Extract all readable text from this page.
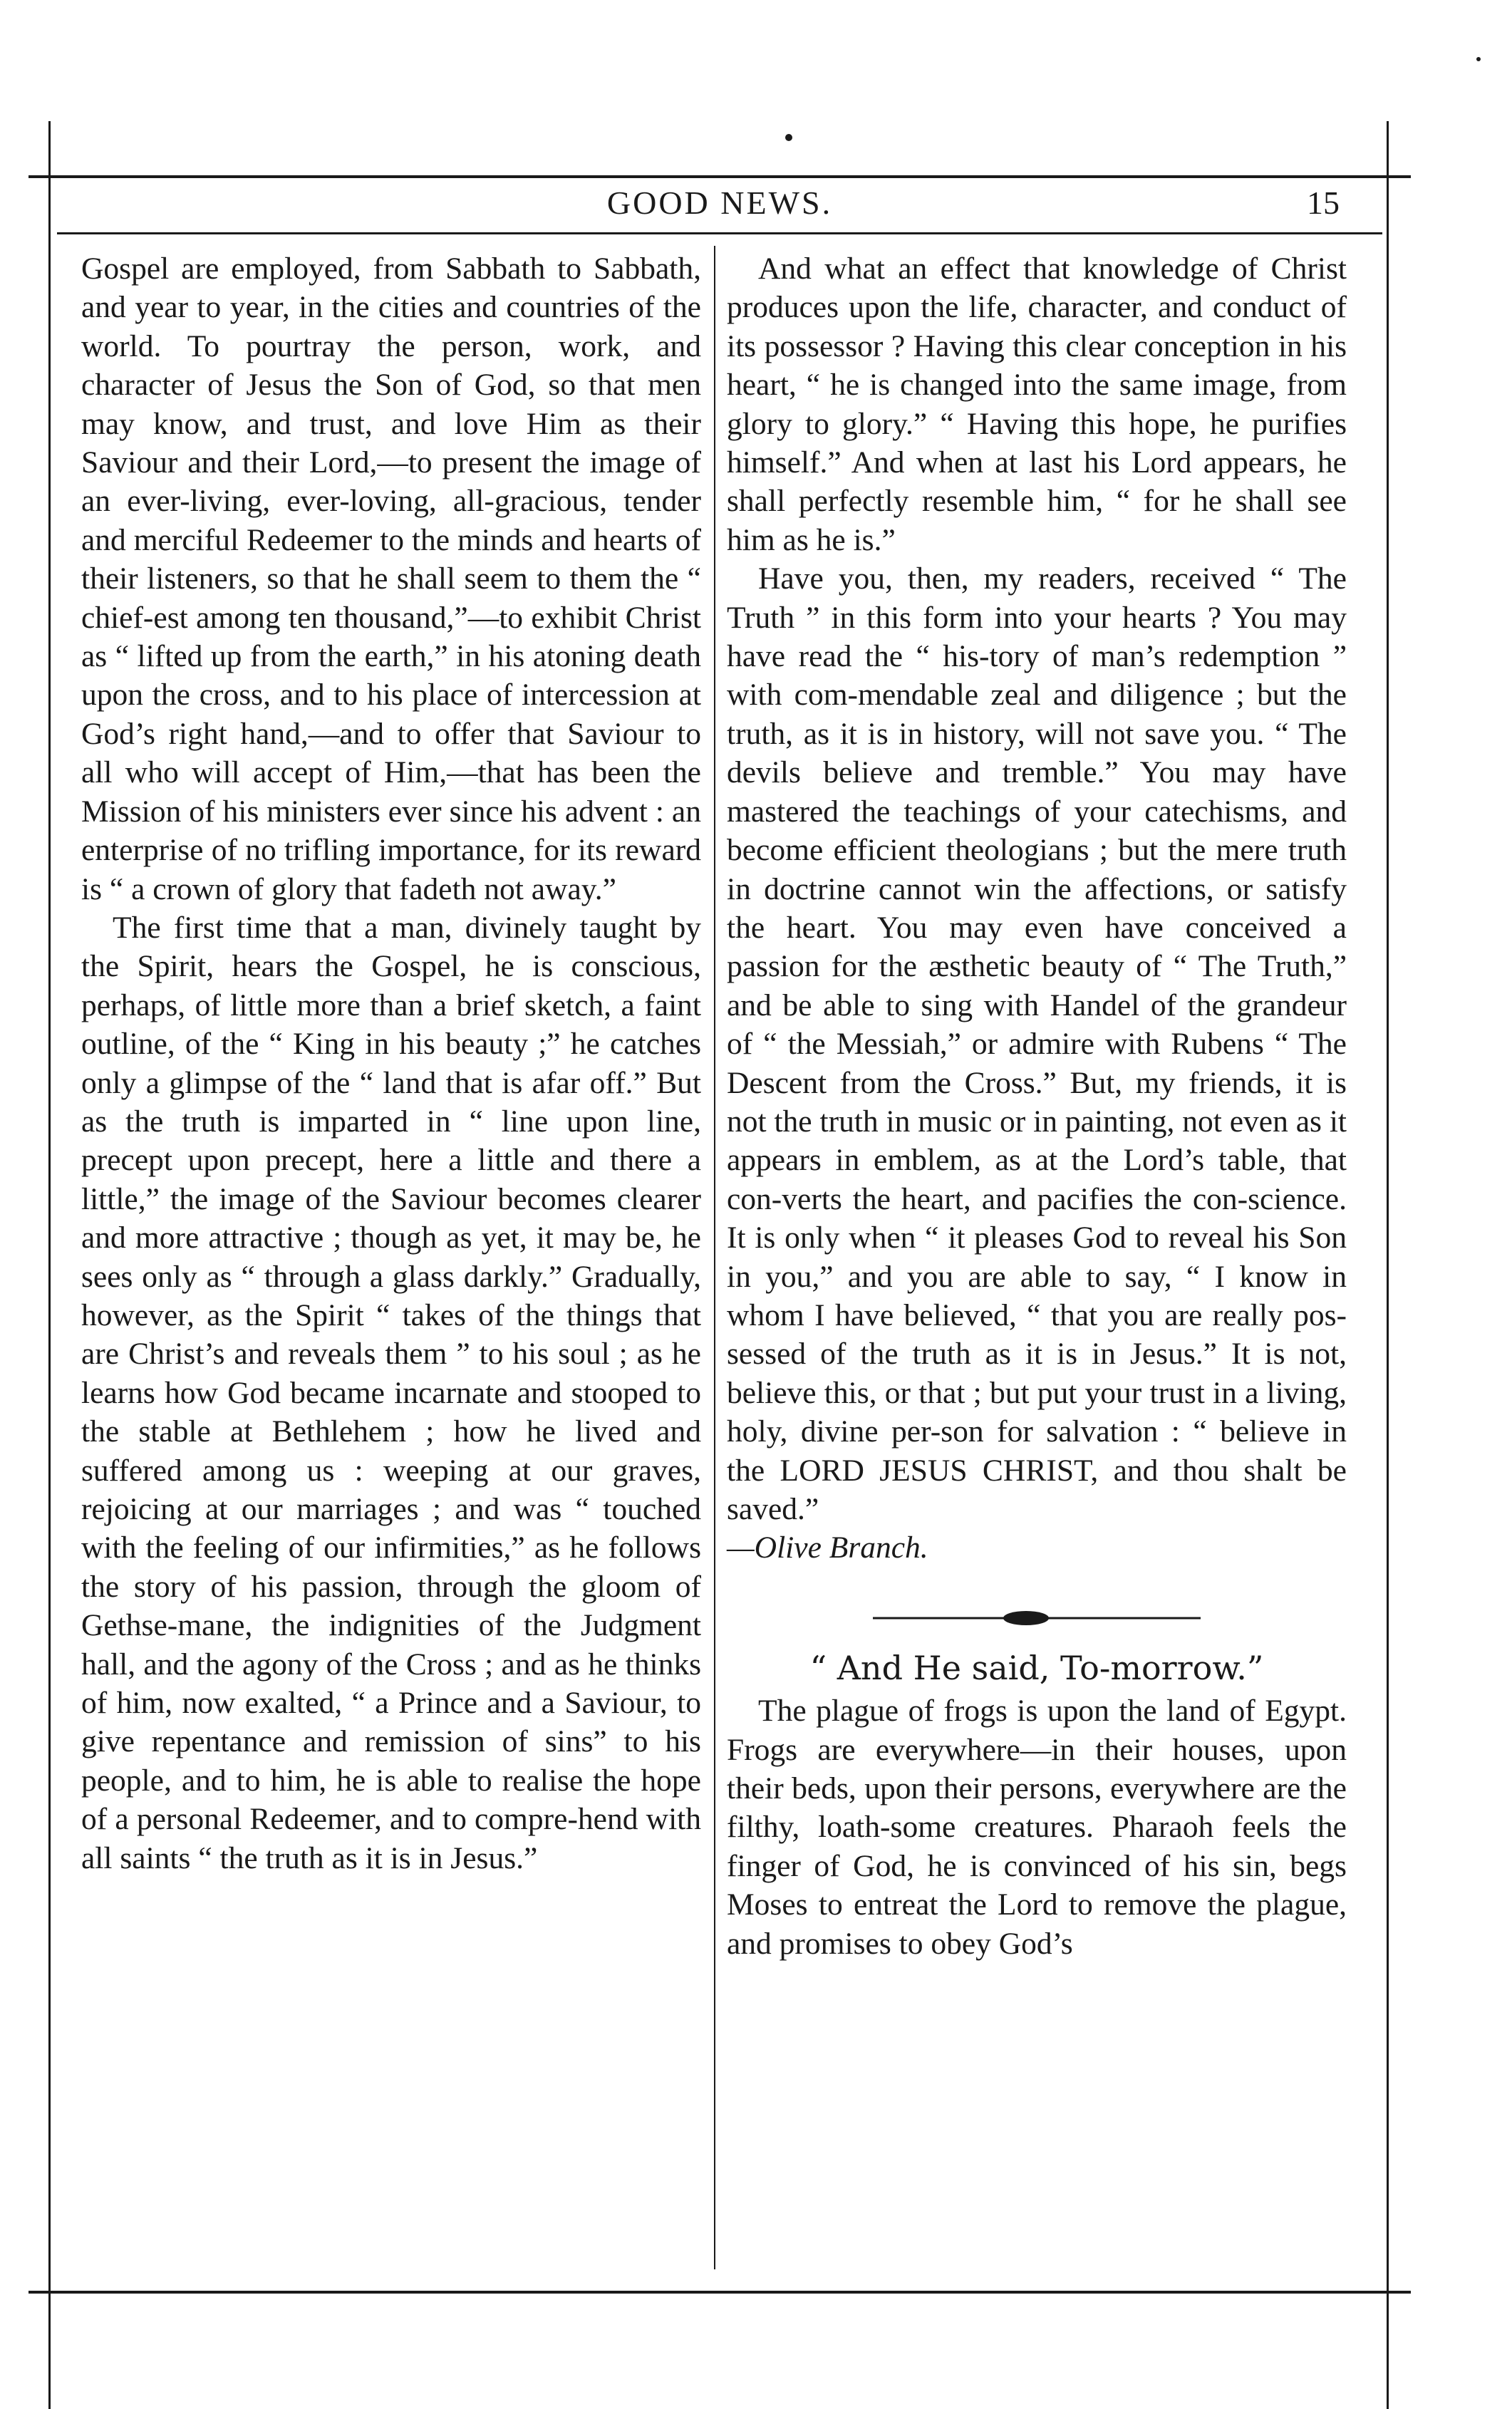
GOOD NEWS.	15

Gospel are employed, from Sabbath to Sabbath, and year to year, in the cities and countries of the world. To pourtray the person, work, and character of Jesus the Son of God, so that men may know, and trust, and love Him as their Saviour and their Lord,—to present the image of an ever-living, ever-loving, all-gracious, tender and merciful Redeemer to the minds and hearts of their listeners, so that he shall seem to them the “ chief-est among ten thousand,”—to exhibit Christ as “ lifted up from the earth,” in his atoning death upon the cross, and to his place of intercession at God’s right hand,—and to offer that Saviour to all who will accept of Him,—that has been the Mission of his ministers ever since his advent : an enterprise of no trifling importance, for its reward is “ a crown of glory that fadeth not away.”

The first time that a man, divinely taught by the Spirit, hears the Gospel, he is conscious, perhaps, of little more than a brief sketch, a faint outline, of the “ King in his beauty ;” he catches only a glimpse of the “ land that is afar off.” But as the truth is imparted in “ line upon line, precept upon precept, here a little and there a little,” the image of the Saviour becomes clearer and more attractive ; though as yet, it may be, he sees only as “ through a glass darkly.” Gradually, however, as the Spirit “ takes of the things that are Christ’s and reveals them ” to his soul ; as he learns how God became incarnate and stooped to the stable at Bethlehem ; how he lived and suffered among us : weeping at our graves, rejoicing at our marriages ; and was “ touched with the feeling of our infirmities,” as he follows the story of his passion, through the gloom of Gethse-mane, the indignities of the Judgment hall, and the agony of the Cross ; and as he thinks of him, now exalted, “ a Prince and a Saviour, to give repentance and remission of sins” to his people, and to him, he is able to realise the hope of a personal Redeemer, and to compre-hend with all saints “ the truth as it is in Jesus.”

And what an effect that knowledge of Christ produces upon the life, character, and conduct of its possessor ? Having this clear conception in his heart, “ he is changed into the same image, from glory to glory.” “ Having this hope, he purifies himself.” And when at last his Lord appears, he shall perfectly resemble him, “ for he shall see him as he is.”

Have you, then, my readers, received “ The Truth ” in this form into your hearts ? You may have read the “ his-tory of man’s redemption ” with com-mendable zeal and diligence ; but the truth, as it is in history, will not save you. “ The devils believe and tremble.” You may have mastered the teachings of your catechisms, and become efficient theologians ; but the mere truth in doctrine cannot win the affections, or satisfy the heart. You may even have conceived a passion for the æsthetic beauty of “ The Truth,” and be able to sing with Handel of the grandeur of “ the Messiah,” or admire with Rubens “ The Descent from the Cross.” But, my friends, it is not the truth in music or in painting, not even as it appears in emblem, as at the Lord’s table, that con-verts the heart, and pacifies the con-science. It is only when “ it pleases God to reveal his Son in you,” and you are able to say, “ I know in whom I have believed, “ that you are really pos-sessed of the truth as it is in Jesus.” It is not, believe this, or that ; but put your trust in a living, holy, divine per-son for salvation : “ believe in the LORD JESUS CHRIST, and thou shalt be saved.”

—Olive Branch.

“ And He said, To-morrow.”

The plague of frogs is upon the land of Egypt. Frogs are everywhere—in their houses, upon their beds, upon their persons, everywhere are the filthy, loath-some creatures. Pharaoh feels the finger of God, he is convinced of his sin, begs Moses to entreat the Lord to remove the plague, and promises to obey God’s
